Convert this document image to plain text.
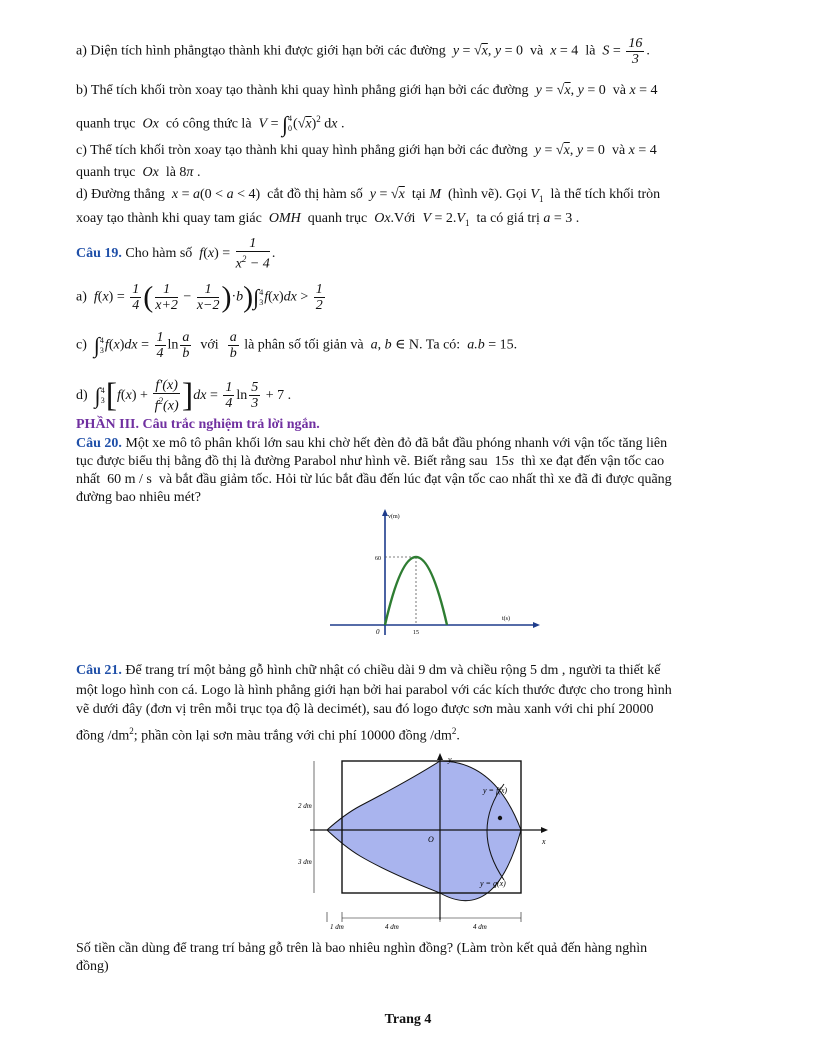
a) Diện tích hình phẳngtạo thành khi được giới hạn bởi các đường y = √x, y = 0  và x = 4  là $S = \frac{16}{3}$ .
b) Thể tích khối tròn xoay tạo thành khi quay hình phẳng giới hạn bởi các đường y = √x, y = 0  và x = 4
quanh trục Ox có công thức là V = ∫ 4
0 $(√x)^2$ dx .
c) Thể tích khối tròn xoay tạo thành khi quay hình phẳng giới hạn bởi các đường y = √x, y = 0  và x = 4
quanh trục Ox là 8π .
d) Đường thẳng x = a(0 < a < 4)  cắt đồ thị hàm số y = √x tại M (hình vẽ). Gọi $V_1$ là thể tích khối tròn
xoay tạo thành khi quay tam giác OMH quanh trục Ox.Với $V = 2.V_1$ ta có giá trị a = 3 .
Câu 19. Cho hàm số $f(x) = \frac{1}{x^2 - 4}$ .
a)  $f(x) = \frac{1}{4}$ ( $\frac{1}{x+2} - \frac{1}{x-2} )\cdot b)\int$ 4
3 $f(x)dx > \frac{1}{2}$
c)  ∫ 4
3 $f(x)dx = \frac{1}{4}$ $\ln \frac{a}{b}$ với $\frac{a}{b}$ là phân số tối giản và a, b ∈ N. Ta có: a.b = 15.
d)  ∫ 4
3 $[f(x) + \frac{f'(x)}{f^2(x)} ]dx = \frac{1}{4}$ $\ln \frac{5}{3} + 7$ .
PHẦN III. Câu trắc nghiệm trả lời ngắn.
Câu 20. Một xe mô tô phân khối lớn sau khi chờ hết đèn đỏ đã bắt đầu phóng nhanh với vận tốc tăng liên
tục được biểu thị bằng đồ thị là đường Parabol như hình vẽ. Biết rằng sau  15s thì xe đạt đến vận tốc cao
nhất  60 m / s  và bắt đầu giảm tốc. Hỏi từ lúc bắt đầu đến lúc đạt vận tốc cao nhất thì xe đã đi được quãng
đường bao nhiêu mét?
v(m)
t(s)
60
15
0
Câu 21. Để trang trí một bảng gỗ hình chữ nhật có chiều dài 9 dm và chiều rộng 5 dm , người ta thiết kế
một logo hình con cá. Logo là hình phẳng giới hạn bởi hai parabol với các kích thước được cho trong hình
vẽ dưới đây (đơn vị trên mỗi trục tọa độ là decimét), sau đó logo được sơn màu xanh với chi phí 20000
đồng $/dm^2$; phần còn lại sơn màu trắng với chi phí 10000 đồng $/dm^2$.
y
x
O
y = f(x)
y = g(x)
2 dm
3 dm
1 dm	4 dm	4 dm
Số tiền cần dùng để trang trí bảng gỗ trên là bao nhiêu nghìn đồng? (Làm tròn kết quả đến hàng nghìn
đồng)
Trang 4
